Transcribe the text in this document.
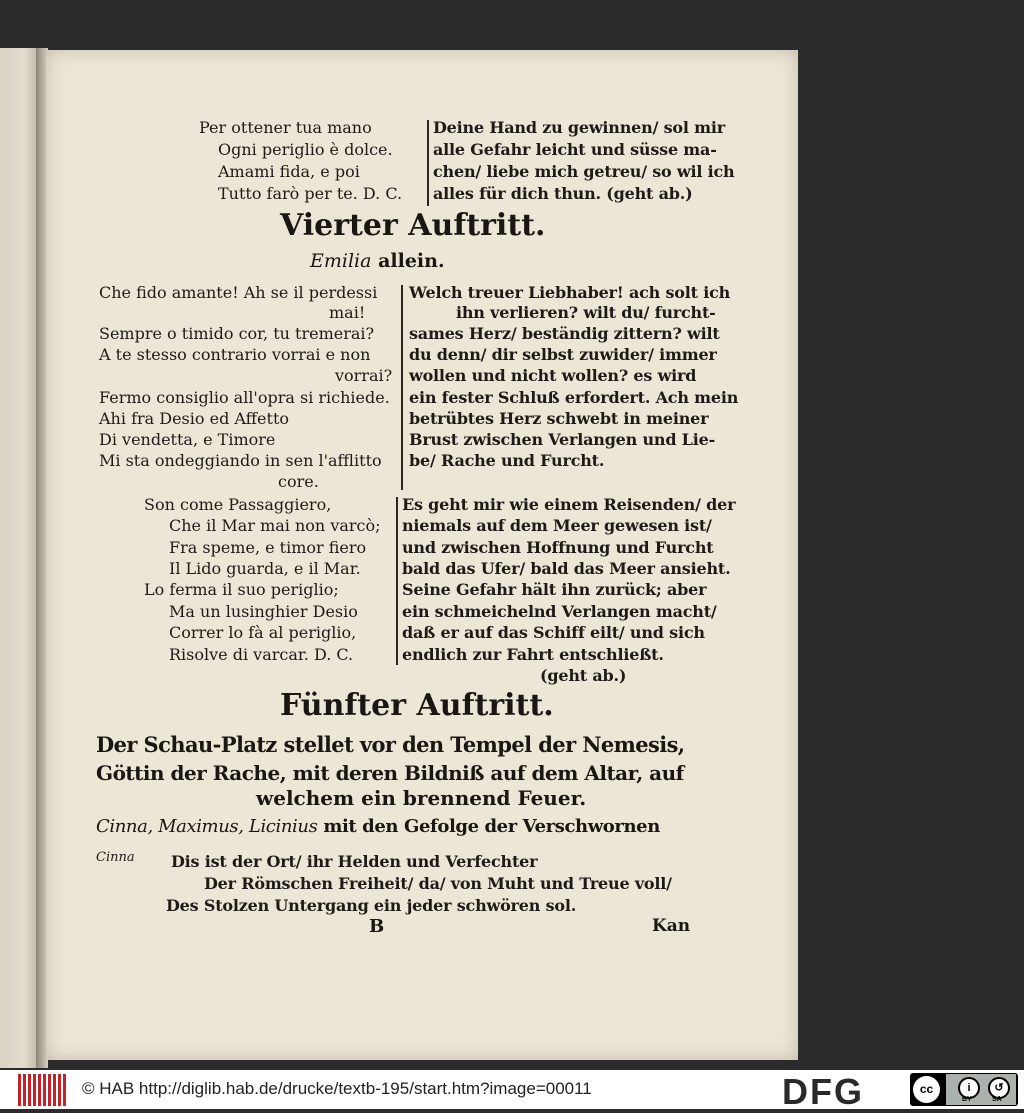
Per ottener tua mano
Ogni periglio è dolce.
Amami fida, e poi
Tutto farò per te. D. C.
Deine Hand zu gewinnen/ sol mir
alle Gefahr leicht und süsse ma-
chen/ liebe mich getreu/ so wil ich
alles für dich thun. (geht ab.)
Vierter Auftritt.
Emilia allein.
Che fido amante! Ah se il perdessi
mai!
Sempre o timido cor, tu tremerai?
A te stesso contrario vorrai e non
vorrai?
Fermo consiglio all'opra si richiede.
Ahi fra Desio ed Affetto
Di vendetta, e Timore
Mi sta ondeggiando in sen l'afflitto
core.
Welch treuer Liebhaber! ach solt ich
ihn verlieren? wilt du/ furcht-
sames Herz/ beständig zittern? wilt
du denn/ dir selbst zuwider/ immer
wollen und nicht wollen? es wird
ein fester Schluß erfordert. Ach mein
betrübtes Herz schwebt in meiner
Brust zwischen Verlangen und Lie-
be/ Rache und Furcht.
Son come Passaggiero,
Che il Mar mai non varcò;
Fra speme, e timor fiero
Il Lido guarda, e il Mar.
Lo ferma il suo periglio;
Ma un lusinghier Desio
Correr lo fà al periglio,
Risolve di varcar. D. C.
Es geht mir wie einem Reisenden/ der
niemals auf dem Meer gewesen ist/
und zwischen Hoffnung und Furcht
bald das Ufer/ bald das Meer ansieht.
Seine Gefahr hält ihn zurück; aber
ein schmeichelnd Verlangen macht/
daß er auf das Schiff eilt/ und sich
endlich zur Fahrt entschließt.
(geht ab.)
Fünfter Auftritt.
Der Schau-Platz stellet vor den Tempel der Nemesis,
Göttin der Rache, mit deren Bildniß auf dem Altar, auf
welchem ein brennend Feuer.
Cinna, Maximus, Licinius mit den Gefolge der Verschwornen
Cinna Dis ist der Ort/ ihr Helden und Verfechter
Der Römschen Freiheit/ da/ von Muht und Treue voll/
Des Stolzen Untergang ein jeder schwören sol.
B	Kan
© HAB http://diglib.hab.de/drucke/textb-195/start.htm?image=00011	DFG	cc	i	↺
BY	SA
